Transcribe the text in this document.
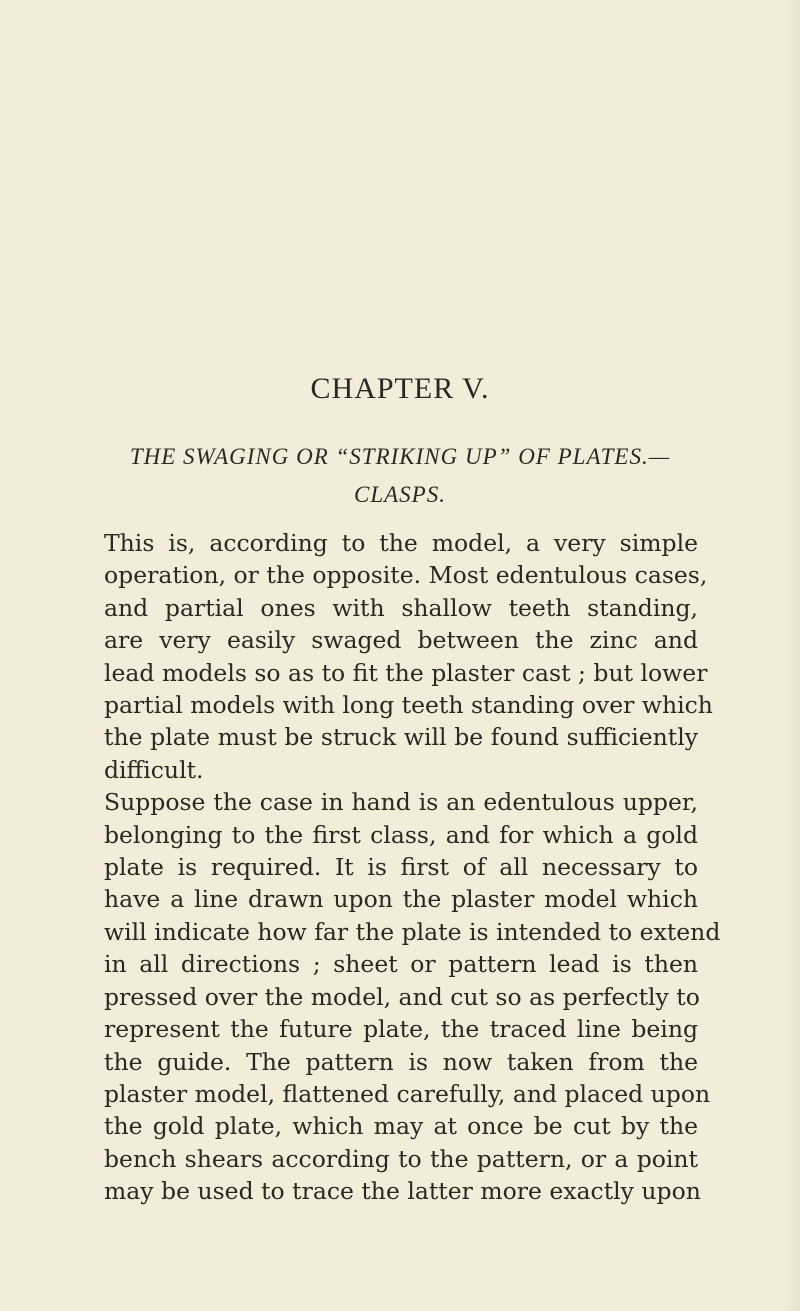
CHAPTER V.
THE SWAGING OR “STRIKING UP” OF PLATES.—
CLASPS.

This is, according to the model, a very simple
operation, or the opposite. Most edentulous cases,
and partial ones with shallow teeth standing,
are very easily swaged between the zinc and
lead models so as to fit the plaster cast ; but lower
partial models with long teeth standing over which
the plate must be struck will be found sufficiently
difficult.

Suppose the case in hand is an edentulous upper,
belonging to the first class, and for which a gold
plate is required. It is first of all necessary to
have a line drawn upon the plaster model which
will indicate how far the plate is intended to extend
in all directions ; sheet or pattern lead is then
pressed over the model, and cut so as perfectly to
represent the future plate, the traced line being
the guide. The pattern is now taken from the
plaster model, flattened carefully, and placed upon
the gold plate, which may at once be cut by the
bench shears according to the pattern, or a point
may be used to trace the latter more exactly upon
